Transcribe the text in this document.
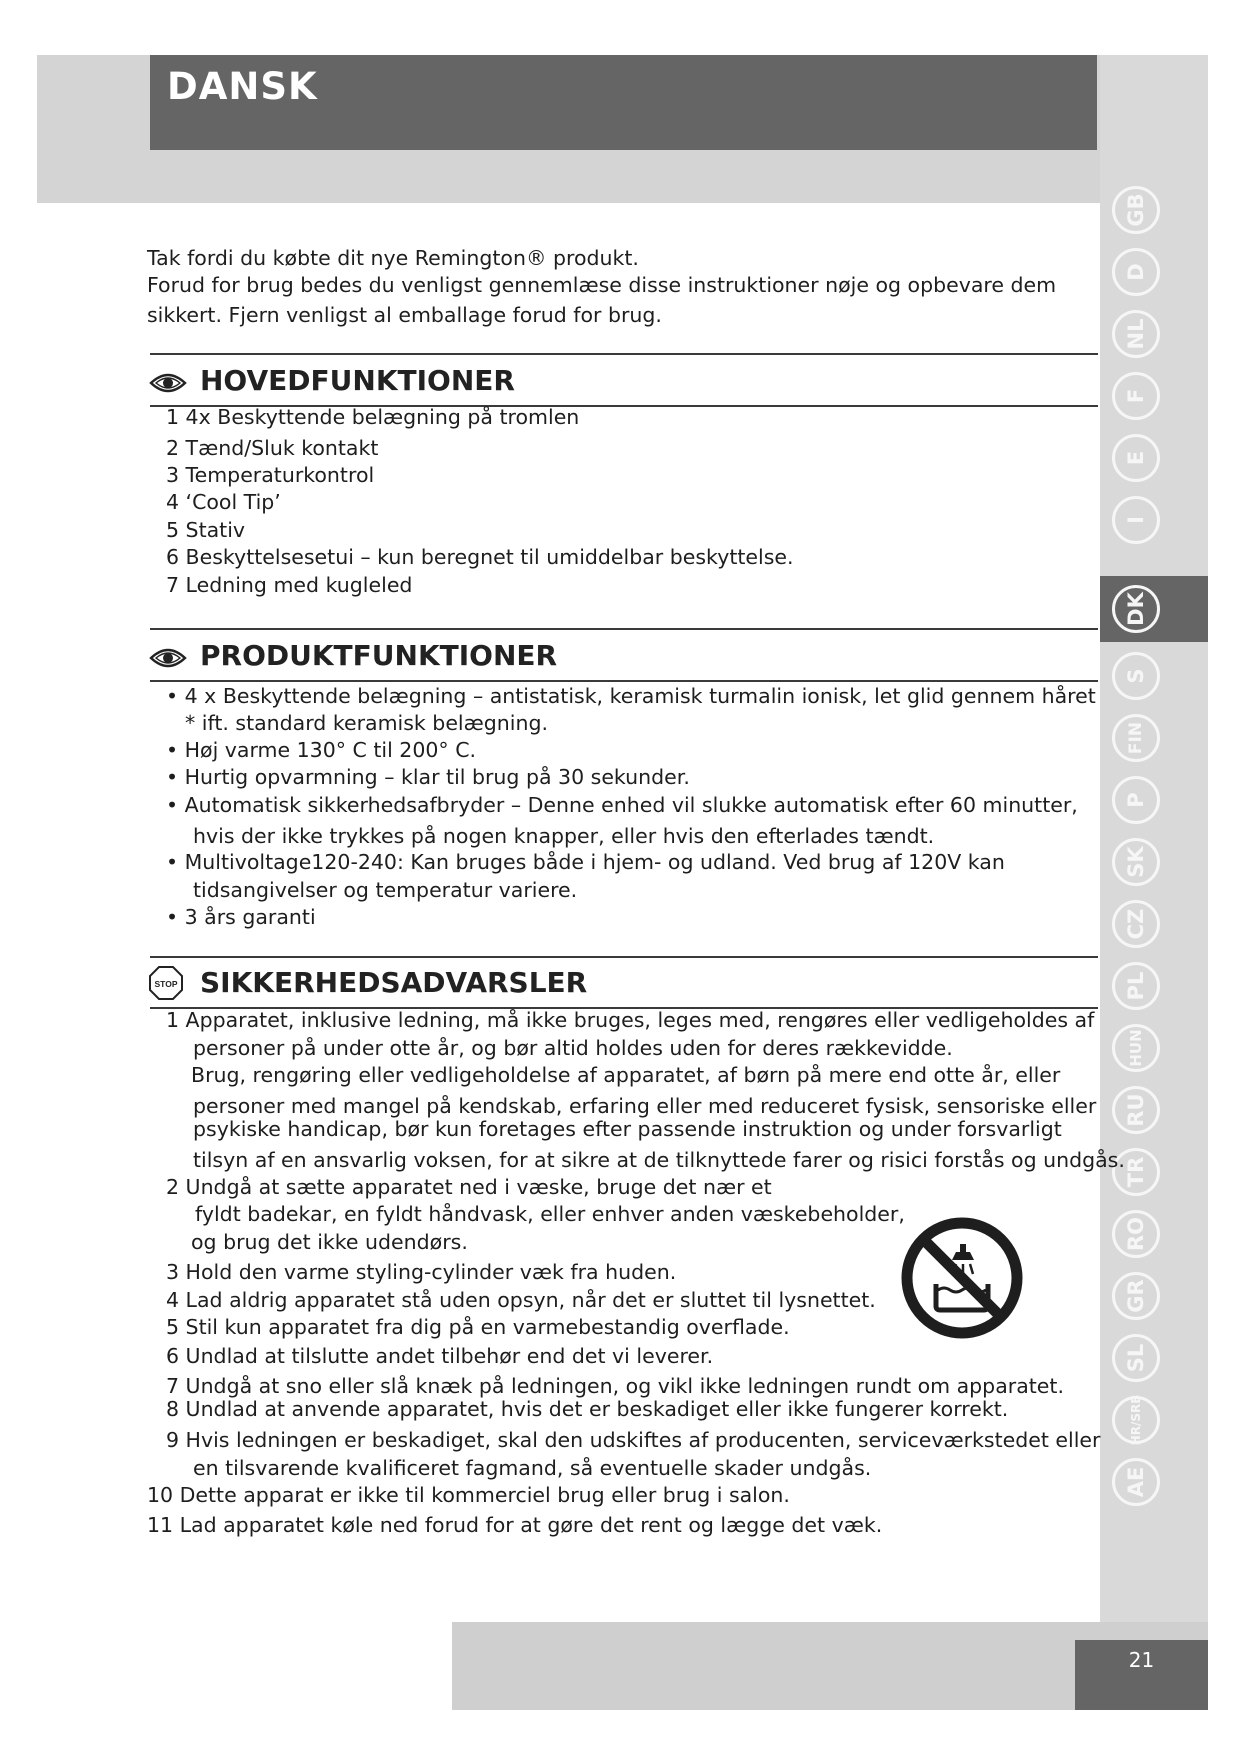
DANSK
GB
D
NL
F
E
I
DK
S
FIN
P
SK
CZ
PL
HUN
RU
TR
RO
GR
SL
HR/SRB
AE
Tak fordi du købte dit nye Remington® produkt.
Forud for brug bedes du venligst gennemlæse disse instruktioner nøje og opbevare dem
sikkert. Fjern venligst al emballage forud for brug.
HOVEDFUNKTIONER
1 4x Beskyttende belægning på tromlen
2 Tænd/Sluk kontakt
3 Temperaturkontrol
4 ‘Cool Tip’
5 Stativ
6 Beskyttelsesetui – kun beregnet til umiddelbar beskyttelse.
7 Ledning med kugleled
PRODUKTFUNKTIONER
• 4 x Beskyttende belægning – antistatisk, keramisk turmalin ionisk, let glid gennem håret
* ift. standard keramisk belægning.
• Høj varme 130° C til 200° C.
• Hurtig opvarmning – klar til brug på 30 sekunder.
• Automatisk sikkerhedsafbryder – Denne enhed vil slukke automatisk efter 60 minutter,
hvis der ikke trykkes på nogen knapper, eller hvis den efterlades tændt.
• Multivoltage120-240: Kan bruges både i hjem- og udland. Ved brug af 120V kan
tidsangivelser og temperatur variere.
• 3 års garanti
STOP SIKKERHEDSADVARSLER
1 Apparatet, inklusive ledning, må ikke bruges, leges med, rengøres eller vedligeholdes af
personer på under otte år, og bør altid holdes uden for deres rækkevidde.
Brug, rengøring eller vedligeholdelse af apparatet, af børn på mere end otte år, eller
personer med mangel på kendskab, erfaring eller med reduceret fysisk, sensoriske eller
psykiske handicap, bør kun foretages efter passende instruktion og under forsvarligt
tilsyn af en ansvarlig voksen, for at sikre at de tilknyttede farer og risici forstås og undgås.
2 Undgå at sætte apparatet ned i væske, bruge det nær et
fyldt badekar, en fyldt håndvask, eller enhver anden væskebeholder,
og brug det ikke udendørs.
3 Hold den varme styling-cylinder væk fra huden.
4 Lad aldrig apparatet stå uden opsyn, når det er sluttet til lysnettet.
5 Stil kun apparatet fra dig på en varmebestandig overflade.
6 Undlad at tilslutte andet tilbehør end det vi leverer.
7 Undgå at sno eller slå knæk på ledningen, og vikl ikke ledningen rundt om apparatet.
8 Undlad at anvende apparatet, hvis det er beskadiget eller ikke fungerer korrekt.
9 Hvis ledningen er beskadiget, skal den udskiftes af producenten, serviceværkstedet eller
en tilsvarende kvalificeret fagmand, så eventuelle skader undgås.
10 Dette apparat er ikke til kommerciel brug eller brug i salon.
11 Lad apparatet køle ned forud for at gøre det rent og lægge det væk.
21
